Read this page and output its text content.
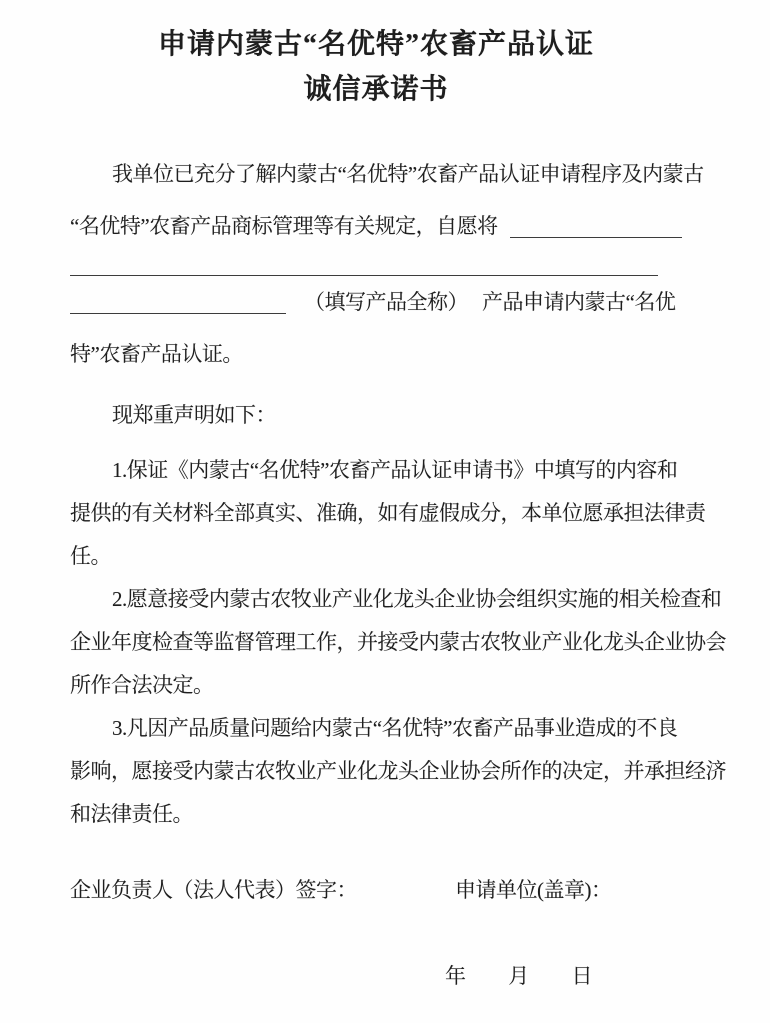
申请内蒙古“名优特”农畜产品认证
诚信承诺书
我单位已充分了解内蒙古“名优特”农畜产品认证申请程序及内蒙古
“名优特”农畜产品商标管理等有关规定，自愿将
（填写产品全称） 产品申请内蒙古“名优
特”农畜产品认证。
现郑重声明如下：
1.保证《内蒙古“名优特”农畜产品认证申请书》中填写的内容和
提供的有关材料全部真实、准确，如有虚假成分，本单位愿承担法律责
任。
2.愿意接受内蒙古农牧业产业化龙头企业协会组织实施的相关检查和
企业年度检查等监督管理工作，并接受内蒙古农牧业产业化龙头企业协会
所作合法决定。
3.凡因产品质量问题给内蒙古“名优特”农畜产品事业造成的不良
影响，愿接受内蒙古农牧业产业化龙头企业协会所作的决定，并承担经济
和法律责任。
企业负责人（法人代表）签字：	申请单位(盖章)：
年 月 日
